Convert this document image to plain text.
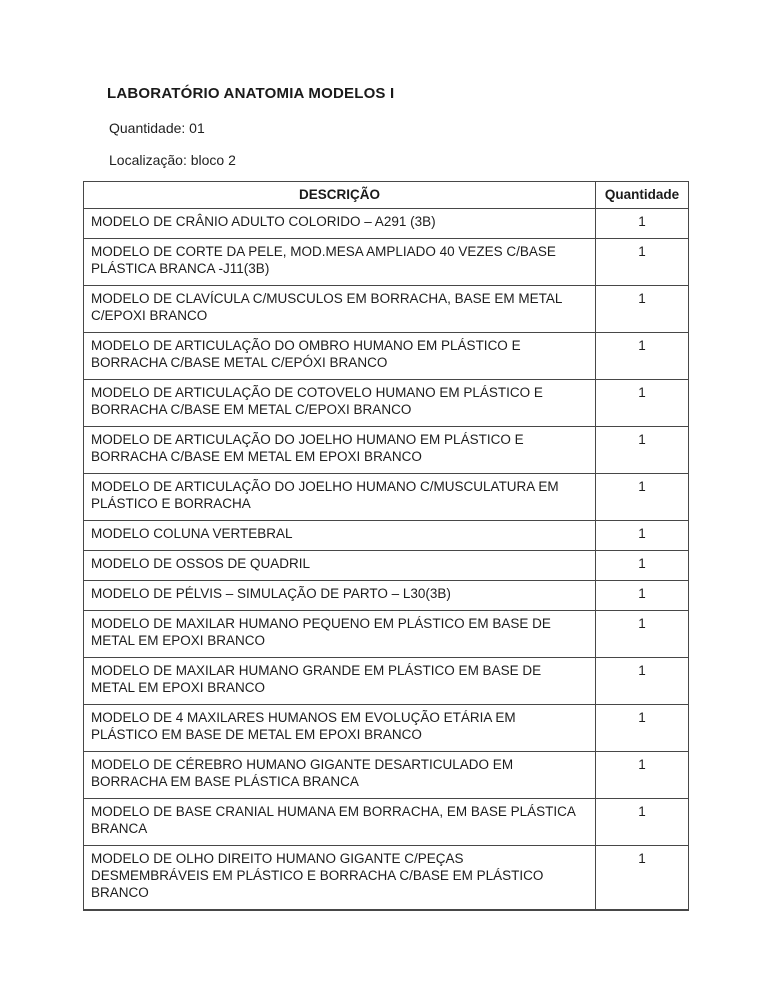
LABORATÓRIO ANATOMIA MODELOS I

Quantidade: 01

Localização: bloco 2

DESCRIÇÃO	Quantidade
MODELO DE CRÂNIO ADULTO COLORIDO – A291 (3B)	1
MODELO DE CORTE DA PELE, MOD.MESA AMPLIADO 40 VEZES C/BASE PLÁSTICA BRANCA -J11(3B)	1
MODELO DE CLAVÍCULA C/MUSCULOS EM BORRACHA, BASE EM METAL C/EPOXI BRANCO	1
MODELO DE ARTICULAÇÃO DO OMBRO HUMANO EM PLÁSTICO E BORRACHA C/BASE METAL C/EPÓXI BRANCO	1
MODELO DE ARTICULAÇÃO DE COTOVELO HUMANO EM PLÁSTICO E BORRACHA C/BASE EM METAL C/EPOXI BRANCO	1
MODELO DE ARTICULAÇÃO DO JOELHO HUMANO EM PLÁSTICO E BORRACHA C/BASE EM METAL EM EPOXI BRANCO	1
MODELO DE ARTICULAÇÃO DO JOELHO HUMANO C/MUSCULATURA EM PLÁSTICO E BORRACHA	1
MODELO COLUNA VERTEBRAL	1
MODELO DE OSSOS DE QUADRIL	1
MODELO DE PÉLVIS – SIMULAÇÃO DE PARTO – L30(3B)	1
MODELO DE MAXILAR HUMANO PEQUENO EM PLÁSTICO EM BASE DE METAL EM EPOXI BRANCO	1
MODELO DE MAXILAR HUMANO GRANDE EM PLÁSTICO EM BASE DE METAL EM EPOXI BRANCO	1
MODELO DE 4 MAXILARES HUMANOS EM EVOLUÇÃO ETÁRIA EM PLÁSTICO EM BASE DE METAL EM EPOXI BRANCO	1
MODELO DE CÉREBRO HUMANO GIGANTE DESARTICULADO EM BORRACHA EM BASE PLÁSTICA BRANCA	1
MODELO DE BASE CRANIAL HUMANA EM BORRACHA, EM BASE PLÁSTICA BRANCA	1
MODELO DE OLHO DIREITO HUMANO GIGANTE C/PEÇAS DESMEMBRÁVEIS EM PLÁSTICO E BORRACHA C/BASE EM PLÁSTICO BRANCO	1
